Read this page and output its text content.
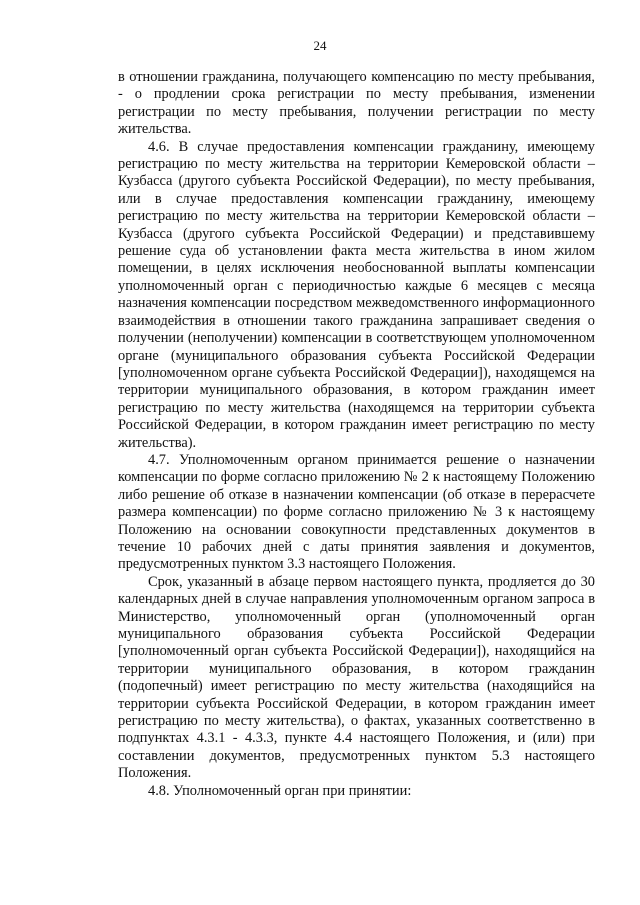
24

в отношении гражданина, получающего компенсацию по месту пребывания, - о продлении срока регистрации по месту пребывания, изменении регистрации по месту пребывания, получении регистрации по месту жительства.

4.6. В случае предоставления компенсации гражданину, имеющему регистрацию по месту жительства на территории Кемеровской области – Кузбасса (другого субъекта Российской Федерации), по месту пребывания, или в случае предоставления компенсации гражданину, имеющему регистрацию по месту жительства на территории Кемеровской области – Кузбасса (другого субъекта Российской Федерации) и представившему решение суда об установлении факта места жительства в ином жилом помещении, в целях исключения необоснованной выплаты компенсации уполномоченный орган с периодичностью каждые 6 месяцев с месяца назначения компенсации посредством межведомственного информационного взаимодействия в отношении такого гражданина запрашивает сведения о получении (неполучении) компенсации в соответствующем уполномоченном органе (муниципального образования субъекта Российской Федерации [уполномоченном органе субъекта Российской Федерации]), находящемся на территории муниципального образования, в котором гражданин имеет регистрацию по месту жительства (находящемся на территории субъекта Российской Федерации, в котором гражданин имеет регистрацию по месту жительства).

4.7. Уполномоченным органом принимается решение о назначении компенсации по форме согласно приложению № 2 к настоящему Положению либо решение об отказе в назначении компенсации (об отказе в перерасчете размера компенсации) по форме согласно приложению № 3 к настоящему Положению на основании совокупности представленных документов в течение 10 рабочих дней с даты принятия заявления и документов, предусмотренных пунктом 3.3 настоящего Положения.

Срок, указанный в абзаце первом настоящего пункта, продляется до 30 календарных дней в случае направления уполномоченным органом запроса в Министерство, уполномоченный орган (уполномоченный орган муниципального образования субъекта Российской Федерации [уполномоченный орган субъекта Российской Федерации]), находящийся на территории муниципального образования, в котором гражданин (подопечный) имеет регистрацию по месту жительства (находящийся на территории субъекта Российской Федерации, в котором гражданин имеет регистрацию по месту жительства), о фактах, указанных соответственно в подпунктах 4.3.1 - 4.3.3, пункте 4.4 настоящего Положения, и (или) при составлении документов, предусмотренных пунктом 5.3 настоящего Положения.

4.8. Уполномоченный орган при принятии:
